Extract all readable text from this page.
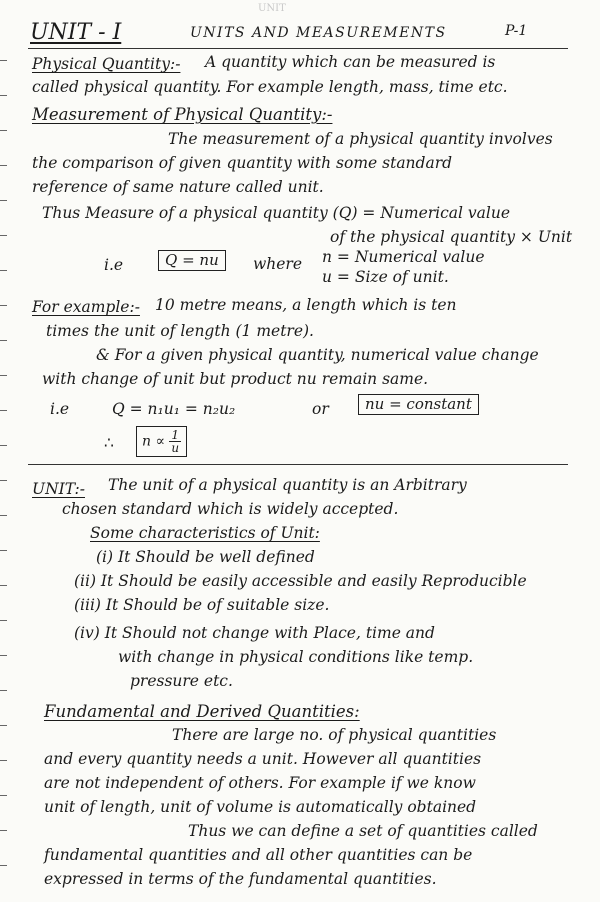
UNIT
UNIT - I	UNITS AND MEASUREMENTS	P-1
Physical Quantity:- A quantity which can be measured is
called physical quantity. For example length, mass, time etc.
Measurement of Physical Quantity:-
The measurement of a physical quantity involves
the comparison of given quantity with some standard
reference of same nature called unit.
Thus Measure of a physical quantity (Q) = Numerical value
of the physical quantity × Unit
i.e	Q = nu	where n = Numerical value
u = Size of unit.
For example:- 10 metre means, a length which is ten
times the unit of length (1 metre).
& For a given physical quantity, numerical value change
with change of unit but product nu remain same.
i.e	Q = n₁u₁ = n₂u₂	or	nu = constant
∴	$n \propto \frac{1}{u}$
UNIT:- The unit of a physical quantity is an Arbitrary
chosen standard which is widely accepted.
Some characteristics of Unit:
(i) It Should be well defined
(ii) It Should be easily accessible and easily Reproducible
(iii) It Should be of suitable size.
(iv) It Should not change with Place, time and
with change in physical conditions like temp.
pressure etc.
Fundamental and Derived Quantities:
There are large no. of physical quantities
and every quantity needs a unit. However all quantities
are not independent of others. For example if we know
unit of length, unit of volume is automatically obtained
Thus we can define a set of quantities called
fundamental quantities and all other quantities can be
expressed in terms of the fundamental quantities.
